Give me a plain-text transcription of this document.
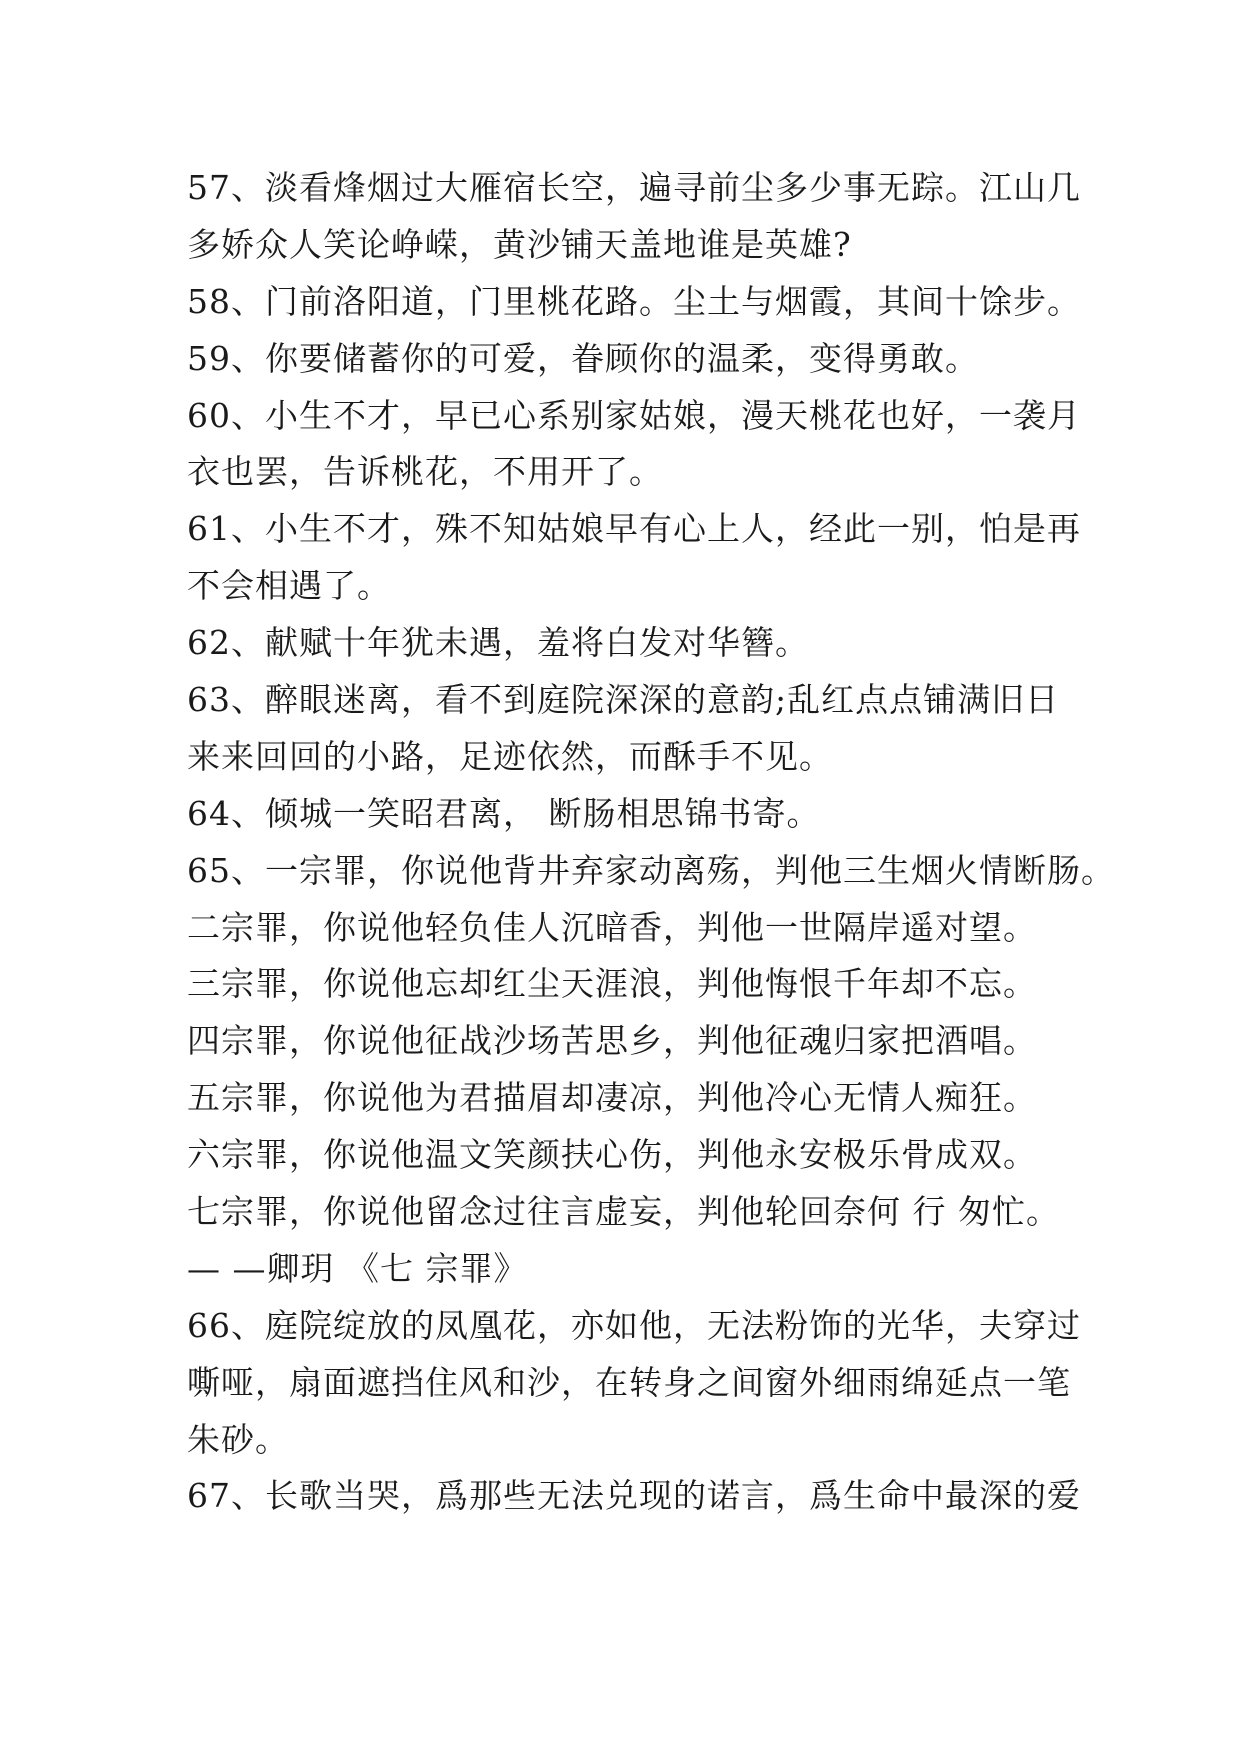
57、淡看烽烟过大雁宿长空，遍寻前尘多少事无踪。江山几
多娇众人笑论峥嵘，黄沙铺天盖地谁是英雄?
58、门前洛阳道，门里桃花路。尘土与烟霞，其间十馀步。
59、你要储蓄你的可爱，眷顾你的温柔，变得勇敢。
60、小生不才，早已心系别家姑娘，漫天桃花也好，一袭月
衣也罢，告诉桃花，不用开了。
61、小生不才，殊不知姑娘早有心上人，经此一别，怕是再
不会相遇了。
62、献赋十年犹未遇，羞将白发对华簪。
63、醉眼迷离，看不到庭院深深的意韵;乱红点点铺满旧日
来来回回的小路，足迹依然，而酥手不见。
64、倾城一笑昭君离， 断肠相思锦书寄。
65、一宗罪，你说他背井弃家动离殇，判他三生烟火情断肠。
二宗罪，你说他轻负佳人沉暗香，判他一世隔岸遥对望。
三宗罪，你说他忘却红尘天涯浪，判他悔恨千年却不忘。
四宗罪，你说他征战沙场苦思乡，判他征魂归家把酒唱。
五宗罪，你说他为君描眉却凄凉，判他冷心无情人痴狂。
六宗罪，你说他温文笑颜扶心伤，判他永安极乐骨成双。
七宗罪，你说他留念过往言虚妄，判他轮回奈何 行 匆忙。
— —卿玥 《七 宗罪》
66、庭院绽放的凤凰花，亦如他，无法粉饰的光华，夫穿过
嘶哑，扇面遮挡住风和沙，在转身之间窗外细雨绵延点一笔
朱砂。
67、长歌当哭，爲那些无法兑现的诺言，爲生命中最深的爱
